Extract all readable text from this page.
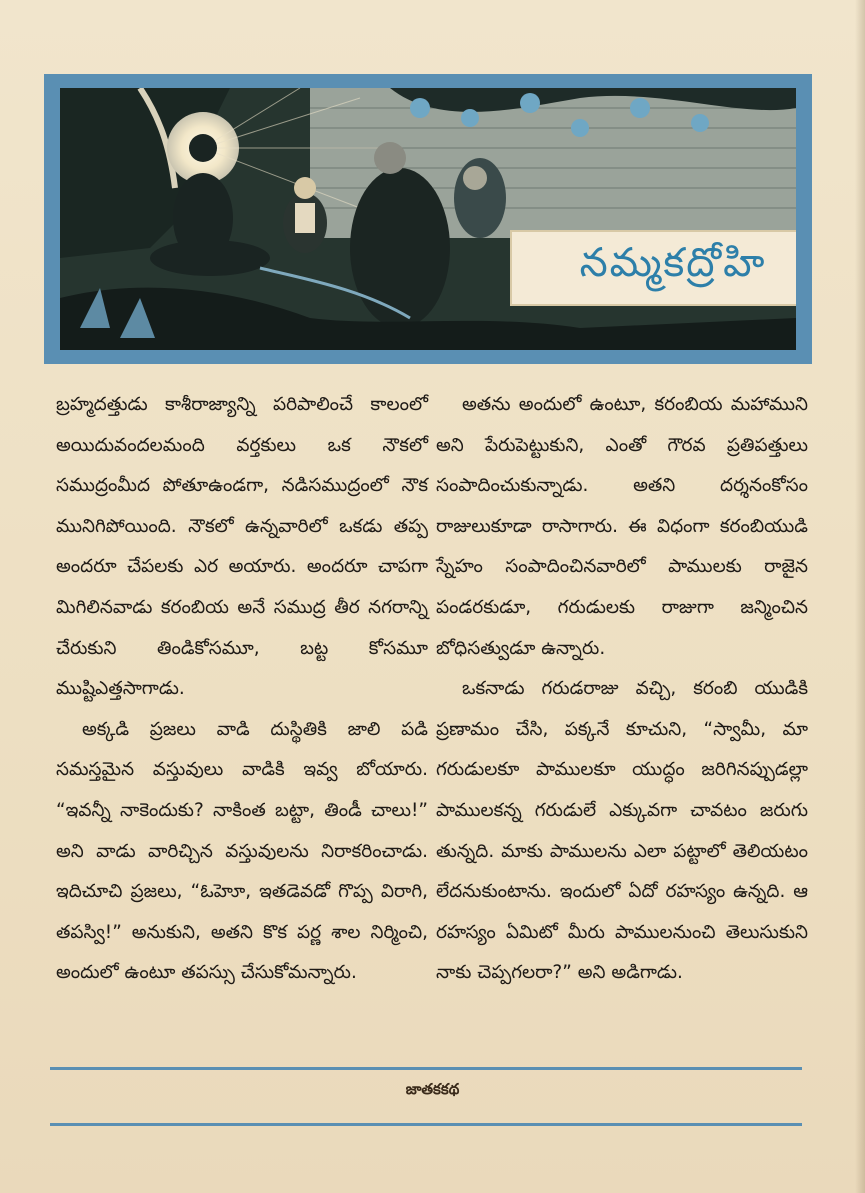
నమ్మకద్రోహి

బ్రహ్మదత్తుడు కాశీరాజ్యాన్ని పరిపాలించే కాలంలో అయిదువందలమంది వర్తకులు ఒక నౌకలో సముద్రంమీద పోతూఉండగా, నడిసముద్రంలో నౌక మునిగిపోయింది. నౌకలో ఉన్నవారిలో ఒకడు తప్ప అందరూ చేపలకు ఎర అయారు. అందరూ చాపగా మిగిలినవాడు కరంబియ అనే సముద్ర తీర నగరాన్ని చేరుకుని తిండికోసమూ, బట్ట కోసమూ ముష్టిఎత్తసాగాడు.

అక్కడి ప్రజలు వాడి దుస్థితికి జాలి పడి సమస్తమైన వస్తువులు వాడికి ఇవ్వ బోయారు. “ఇవన్నీ నాకెందుకు? నాకింత బట్టా, తిండీ చాలు!” అని వాడు వారిచ్చిన వస్తువులను నిరాకరించాడు. ఇదిచూచి ప్రజలు, “ఓహెూ, ఇతడెవడో గొప్ప విరాగి, తపస్వి!” అనుకుని, అతని కొక పర్ణ శాల నిర్మించి, అందులో ఉంటూ తపస్సు చేసుకోమన్నారు.

అతను అందులో ఉంటూ, కరంబియ మహాముని అని పేరుపెట్టుకుని, ఎంతో గౌరవ ప్రతిపత్తులు సంపాదించుకున్నాడు. అతని దర్శనంకోసం రాజులుకూడా రాసాగారు. ఈ విధంగా కరంబియుడి స్నేహం సంపాదించినవారిలో పాములకు రాజైన పండరకుడూ, గరుడులకు రాజుగా జన్మించిన బోధిసత్వుడూ ఉన్నారు.

ఒకనాడు గరుడరాజు వచ్చి, కరంబి యుడికి ప్రణామం చేసి, పక్కనే కూచుని, “స్వామీ, మా గరుడులకూ పాములకూ యుద్ధం జరిగినప్పుడల్లా పాములకన్న గరుడులే ఎక్కువగా చావటం జరుగు తున్నది. మాకు పాములను ఎలా పట్టాలో తెలియటం లేదనుకుంటాను. ఇందులో ఏదో రహస్యం ఉన్నది. ఆ రహస్యం ఏమిటో మీరు పాములనుంచి తెలుసుకుని నాకు చెప్పగలరా?” అని అడిగాడు.

జాతకకథ
